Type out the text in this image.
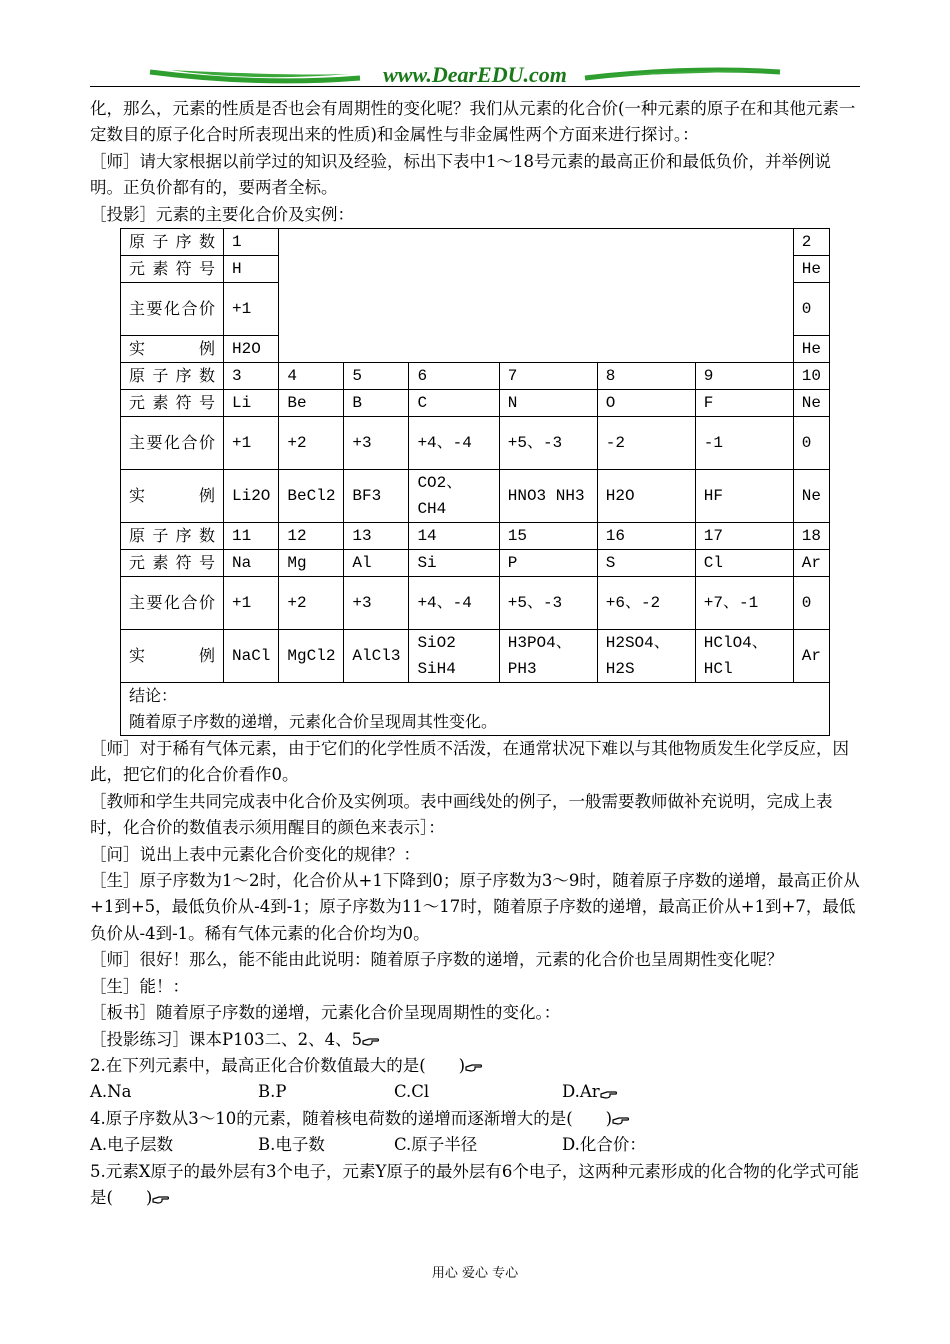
www.DearEDU.com

化，那么，元素的性质是否也会有周期性的变化呢？我们从元素的化合价(一种元素的原子在和其他元素一定数目的原子化合时所表现出来的性质)和金属性与非金属性两个方面来进行探讨。：

［师］请大家根据以前学过的知识及经验，标出下表中1～18号元素的最高正价和最低负价，并举例说明。正负价都有的，要两者全标。

［投影］元素的主要化合价及实例：

原子序数	1							2
元素符号	H							He
主要化合价	+1							0
实　　例	H2O							He
原子序数	3	4	5	6	7	8	9	10
元素符号	Li	Be	B	C	N	O	F	Ne
主要化合价	+1	+2	+3	+4、-4	+5、-3	-2	-1	0
实　　例	Li2O	BeCl2	BF3	CO2、CH4	HNO3 NH3	H2O	HF	Ne
原子序数	11	12	13	14	15	16	17	18
元素符号	Na	Mg	Al	Si	P	S	Cl	Ar
主要化合价	+1	+2	+3	+4、-4	+5、-3	+6、-2	+7、-1	0
实　　例	NaCl	MgCl2	AlCl3	SiO2 SiH4	H3PO4、PH3	H2SO4、H2S	HClO4、HCl	Ar

结论：
随着原子序数的递增，元素化合价呈现周其性变化。								

［师］对于稀有气体元素，由于它们的化学性质不活泼，在通常状况下难以与其他物质发生化学反应，因此，把它们的化合价看作0。

［教师和学生共同完成表中化合价及实例项。表中画线处的例子，一般需要教师做补充说明，完成上表时，化合价的数值表示须用醒目的颜色来表示］：

［问］说出上表中元素化合价变化的规律？：

［生］原子序数为1～2时，化合价从+1下降到0；原子序数为3～9时，随着原子序数的递增，最高正价从+1到+5，最低负价从-4到-1；原子序数为11～17时，随着原子序数的递增，最高正价从+1到+7，最低负价从-4到-1。稀有气体元素的化合价均为0。

［师］很好！那么，能不能由此说明：随着原子序数的递增，元素的化合价也呈周期性变化呢？

［生］能！：

［板书］随着原子序数的递增，元素化合价呈现周期性的变化。：

［投影练习］课本P103二、2、4、5

2.在下列元素中，最高正化合价数值最大的是(　　)

A.Na	B.P	C.Cl	D.Ar

4.原子序数从3～10的元素，随着核电荷数的递增而逐渐增大的是(　　)

A.电子层数	B.电子数	C.原子半径	D.化合价：

5.元素X原子的最外层有3个电子，元素Y原子的最外层有6个电子，这两种元素形成的化合物的化学式可能是(　　)

用心 爱心 专心
